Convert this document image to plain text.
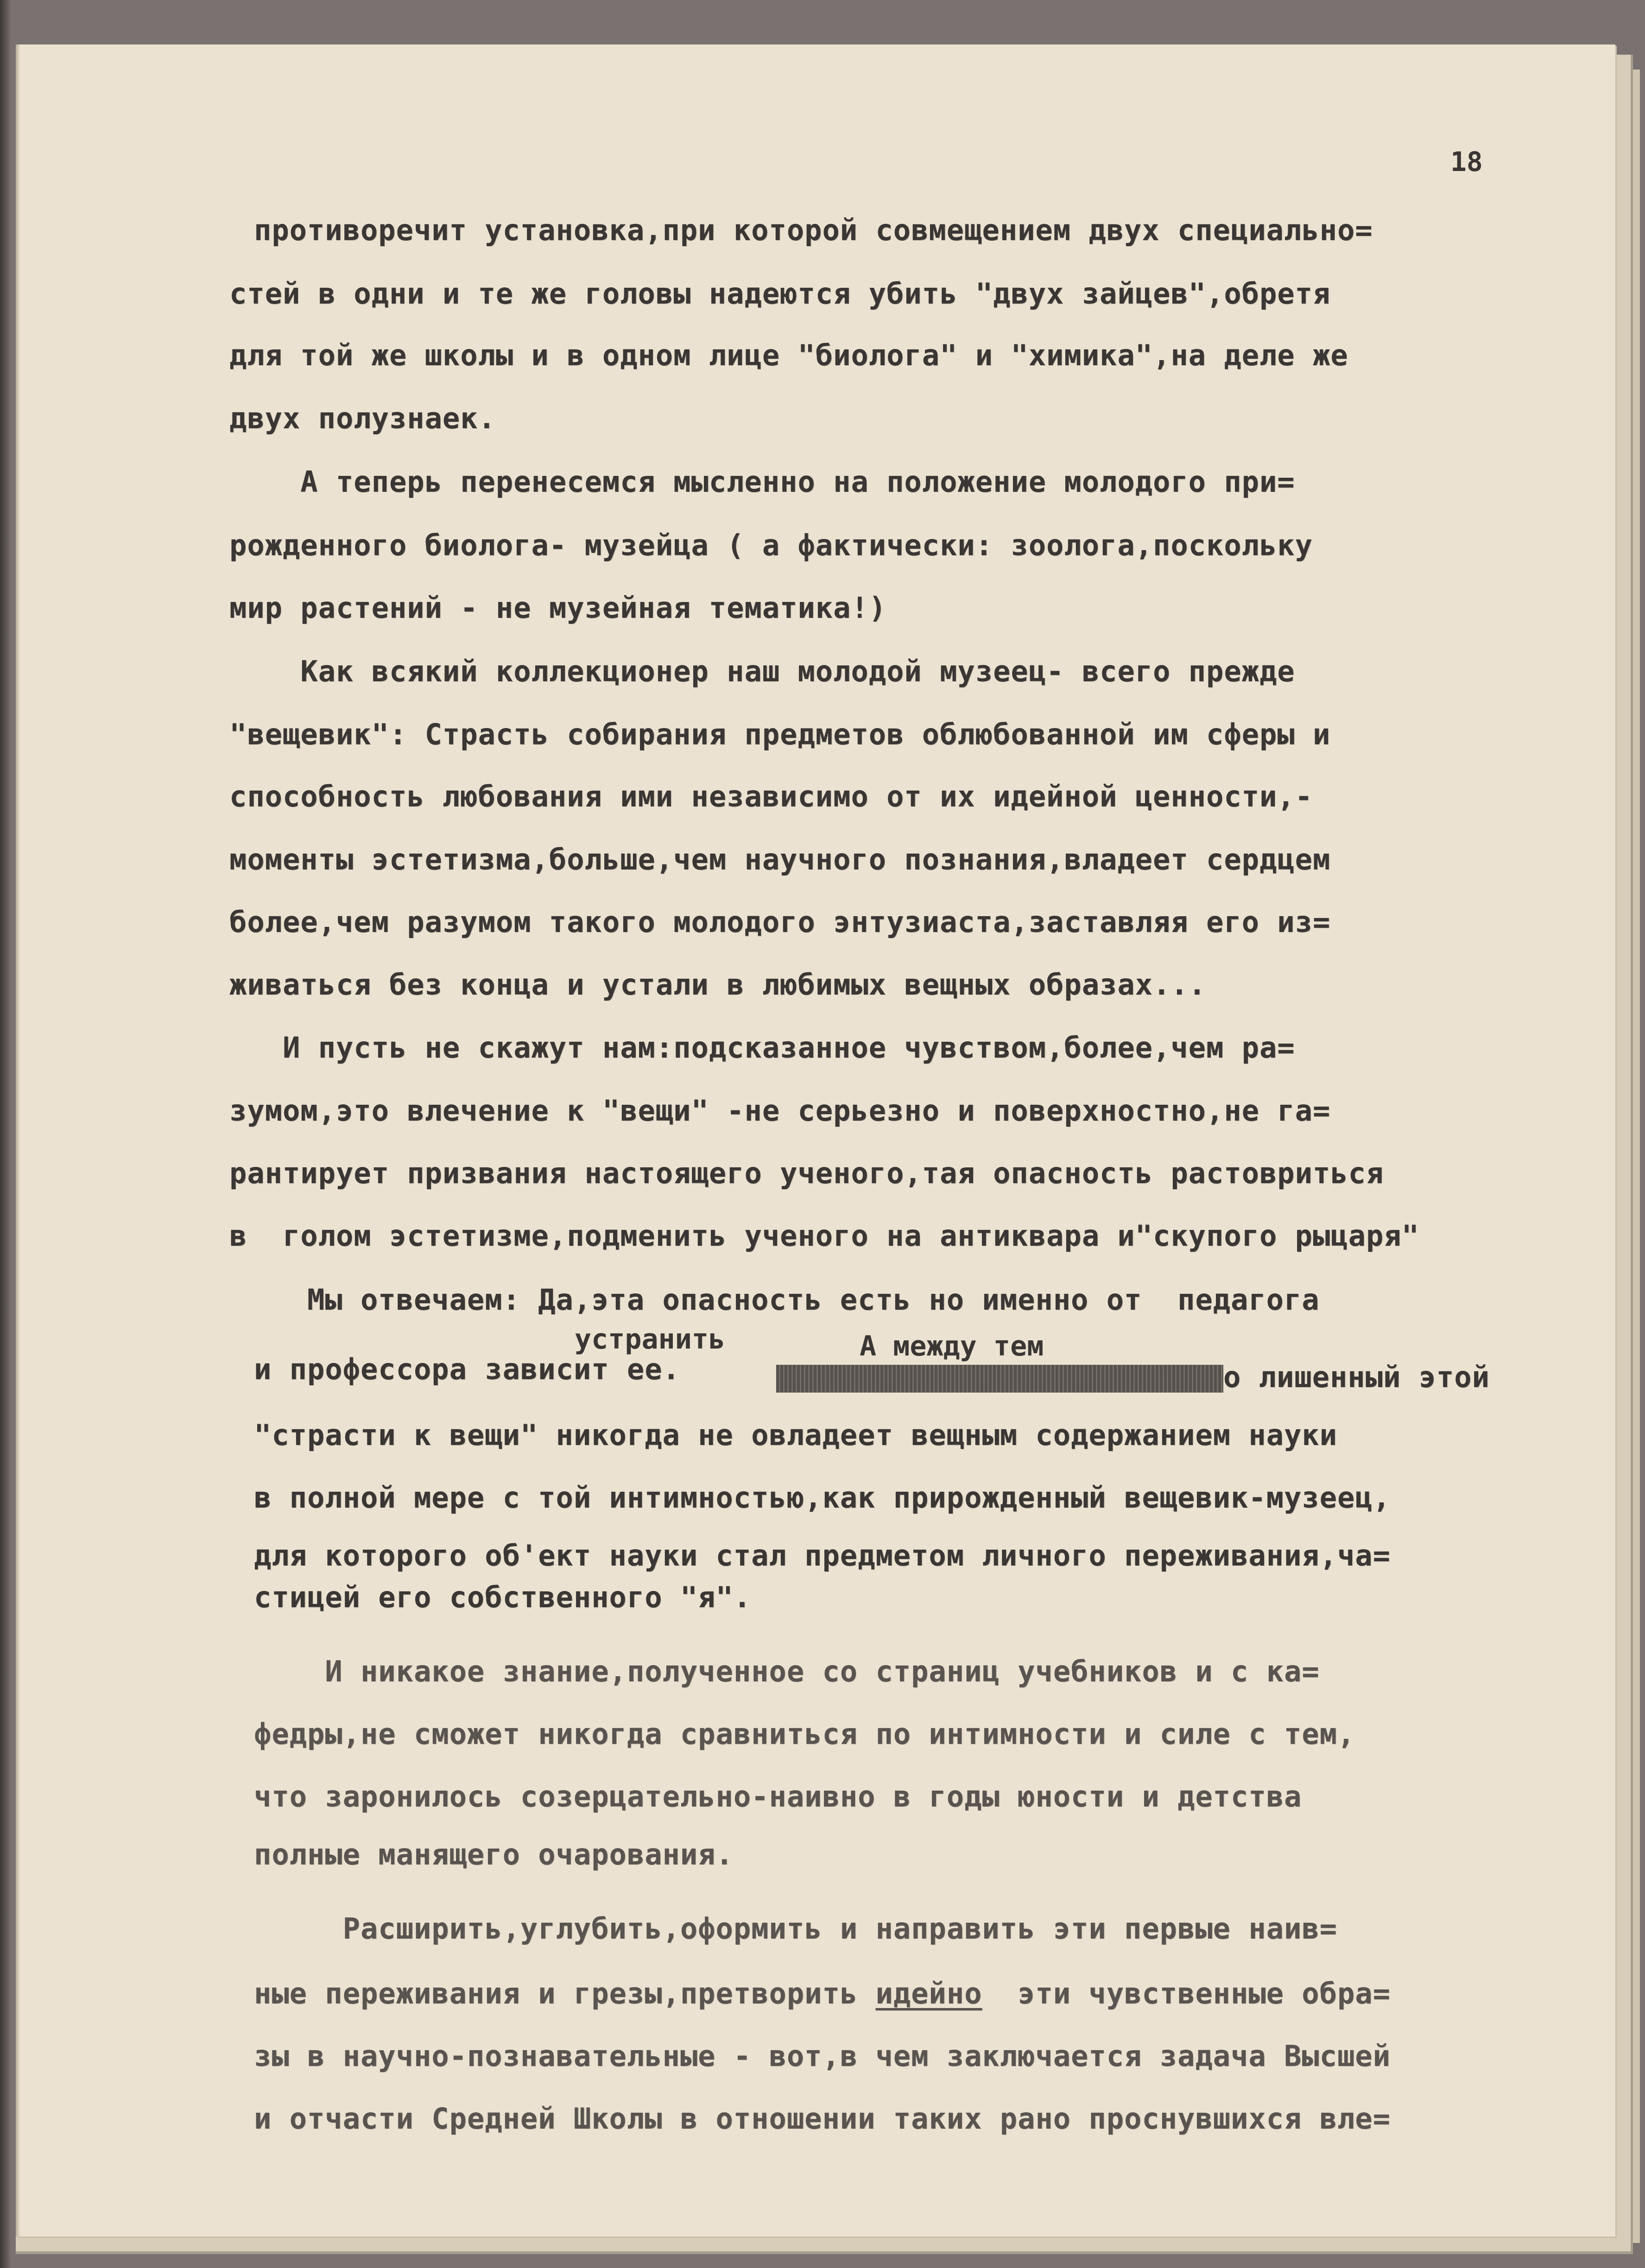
18
противоречит установка,при которой совмещением двух специально=
стей в одни и те же головы надеются убить "двух зайцев",обретя
для той же школы и в одном лице "биолога" и "химика",на деле же
двух полузнаек.
А теперь перенесемся мысленно на положение молодого при=
рожденного биолога- музейца ( а фактически: зоолога,поскольку
мир растений - не музейная тематика!)
Как всякий коллекционер наш молодой музеец- всего прежде
"вещевик": Страсть собирания предметов облюбованной им сферы и
способность любования ими независимо от их идейной ценности,-
моменты эстетизма,больше,чем научного познания,владеет сердцем
более,чем разумом такого молодого энтузиаста,заставляя его из=
живаться без конца и устали в любимых вещных образах...
И пусть не скажут нам:подсказанное чувством,более,чем ра=
зумом,это влечение к "вещи" -не серьезно и поверхностно,не га=
рантирует призвания настоящего ученого,тая опасность растовриться
в  голом эстетизме,подменить ученого на антиквара и"скупого рыцаря"
Мы отвечаем: Да,эта опасность есть но именно от  педагога
устранить	А между тем
и профессора зависит ее.	о лишенный этой
"страсти к вещи" никогда не овладеет вещным содержанием науки
в полной мере с той интимностью,как прирожденный вещевик-музеец,
для которого об'ект науки стал предметом личного переживания,ча=
стицей его собственного "я".
И никакое знание,полученное со страниц учебников и с ка=
федры,не сможет никогда сравниться по интимности и силе с тем,
что заронилось созерцательно-наивно в годы юности и детства
полные манящего очарования.
Расширить,углубить,оформить и направить эти первые наив=
ные переживания и грезы,претворить идейно  эти чувственные обра=
зы в научно-познавательные - вот,в чем заключается задача Высшей
и отчасти Средней Школы в отношении таких рано проснувшихся вле=
